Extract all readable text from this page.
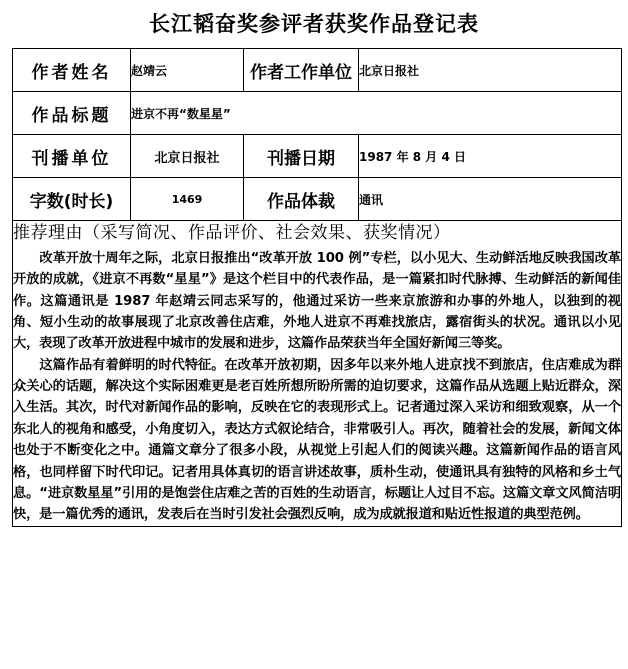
长江韬奋奖参评者获奖作品登记表
作者姓名	赵靖云	作者工作单位	北京日报社
作品标题	进京不再“数星星”		
刊播单位	北京日报社	刊播日期	1987 年 8 月 4 日
字数(时长)	1469	作品体裁	通讯

推荐理由（采写简况、作品评价、社会效果、获奖情况）

改革开放十周年之际，北京日报推出“改革开放 100 例”专栏，以小见大、生动鲜活地反映我国改革开放的成就，《进京不再数“星星”》是这个栏目中的代表作品，是一篇紧扣时代脉搏、生动鲜活的新闻佳作。这篇通讯是 1987 年赵靖云同志采写的，他通过采访一些来京旅游和办事的外地人，以独到的视角、短小生动的故事展现了北京改善住店难，外地人进京不再难找旅店，露宿街头的状况。通讯以小见大，表现了改革开放进程中城市的发展和进步，这篇作品荣获当年全国好新闻三等奖。

这篇作品有着鲜明的时代特征。在改革开放初期，因多年以来外地人进京找不到旅店，住店难成为群众关心的话题，解决这个实际困难更是老百姓所想所盼所需的迫切要求，这篇作品从选题上贴近群众，深入生活。其次，时代对新闻作品的影响，反映在它的表现形式上。记者通过深入采访和细致观察，从一个东北人的视角和感受，小角度切入，表达方式叙论结合，非常吸引人。再次，随着社会的发展，新闻文体也处于不断变化之中。通篇文章分了很多小段，从视觉上引起人们的阅读兴趣。这篇新闻作品的语言风格，也同样留下时代印记。记者用具体真切的语言讲述故事，质朴生动，使通讯具有独特的风格和乡土气息。“进京数星星”引用的是饱尝住店难之苦的百姓的生动语言，标题让人过目不忘。这篇文章文风简洁明快，是一篇优秀的通讯，发表后在当时引发社会强烈反响，成为成就报道和贴近性报道的典型范例。			
